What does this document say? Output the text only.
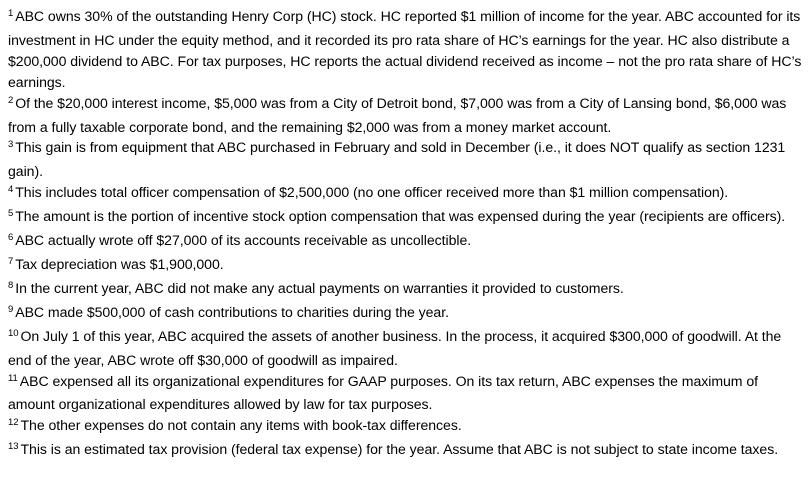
$^1$ ABC owns 30% of the outstanding Henry Corp (HC) stock. HC reported $1 million of income for the year. ABC accounted for its investment in HC under the equity method, and it recorded its pro rata share of HC’s earnings for the year. HC also distribute a $200,000 dividend to ABC. For tax purposes, HC reports the actual dividend received as income – not the pro rata share of HC’s earnings.

$^2$ Of the $20,000 interest income, $5,000 was from a City of Detroit bond, $7,000 was from a City of Lansing bond, $6,000 was from a fully taxable corporate bond, and the remaining $2,000 was from a money market account.

$^3$ This gain is from equipment that ABC purchased in February and sold in December (i.e., it does NOT qualify as section 1231 gain).

$^4$ This includes total officer compensation of $2,500,000 (no one officer received more than $1 million compensation).

$^5$ The amount is the portion of incentive stock option compensation that was expensed during the year (recipients are officers).

$^6$ ABC actually wrote off $27,000 of its accounts receivable as uncollectible.

$^7$ Tax depreciation was $1,900,000.

$^8$ In the current year, ABC did not make any actual payments on warranties it provided to customers.

$^9$ ABC made $500,000 of cash contributions to charities during the year.

$^{10}$ On July 1 of this year, ABC acquired the assets of another business. In the process, it acquired $300,000 of goodwill. At the end of the year, ABC wrote off $30,000 of goodwill as impaired.

$^{11}$ ABC expensed all its organizational expenditures for GAAP purposes. On its tax return, ABC expenses the maximum of amount organizational expenditures allowed by law for tax purposes.

$^{12}$ The other expenses do not contain any items with book-tax differences.

$^{13}$ This is an estimated tax provision (federal tax expense) for the year. Assume that ABC is not subject to state income taxes.
